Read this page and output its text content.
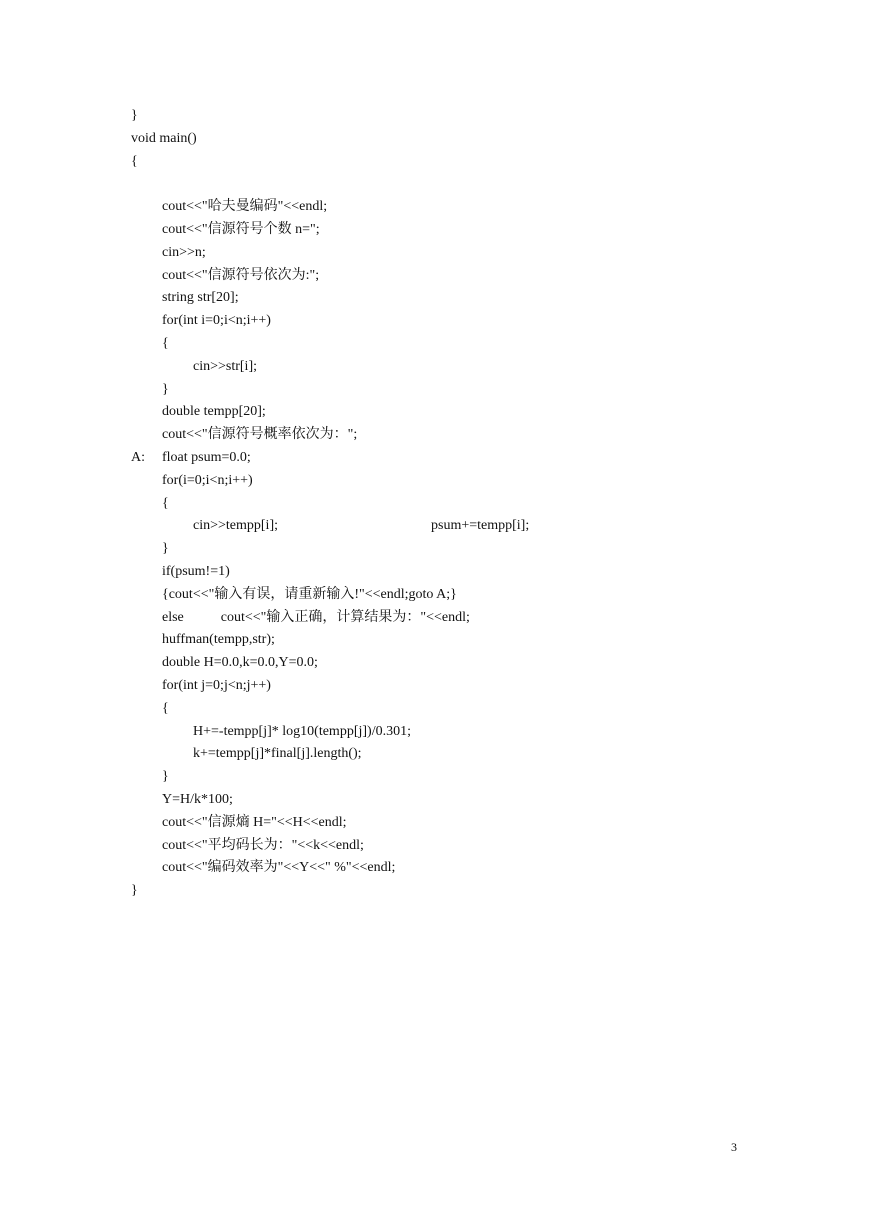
}
void main()
{
cout<<"哈夫曼编码"<<endl;
cout<<"信源符号个数 n=";
cin>>n;
cout<<"信源符号依次为:";
string str[20];
for(int i=0;i<n;i++)
{
cin>>str[i];
}
double tempp[20];
cout<<"信源符号概率依次为：";
A: float psum=0.0;
for(i=0;i<n;i++)
{
cin>>tempp[i];	psum+=tempp[i];
}
if(psum!=1)
{cout<<"输入有误，请重新输入!"<<endl;goto A;}
else	cout<<"输入正确，计算结果为："<<endl;
huffman(tempp,str);
double H=0.0,k=0.0,Y=0.0;
for(int j=0;j<n;j++)
{
H+=-tempp[j]* log10(tempp[j])/0.301;
k+=tempp[j]*final[j].length();
}
Y=H/k*100;
cout<<"信源熵 H="<<H<<endl;
cout<<"平均码长为："<<k<<endl;
cout<<"编码效率为"<<Y<<" %"<<endl;
}
3
